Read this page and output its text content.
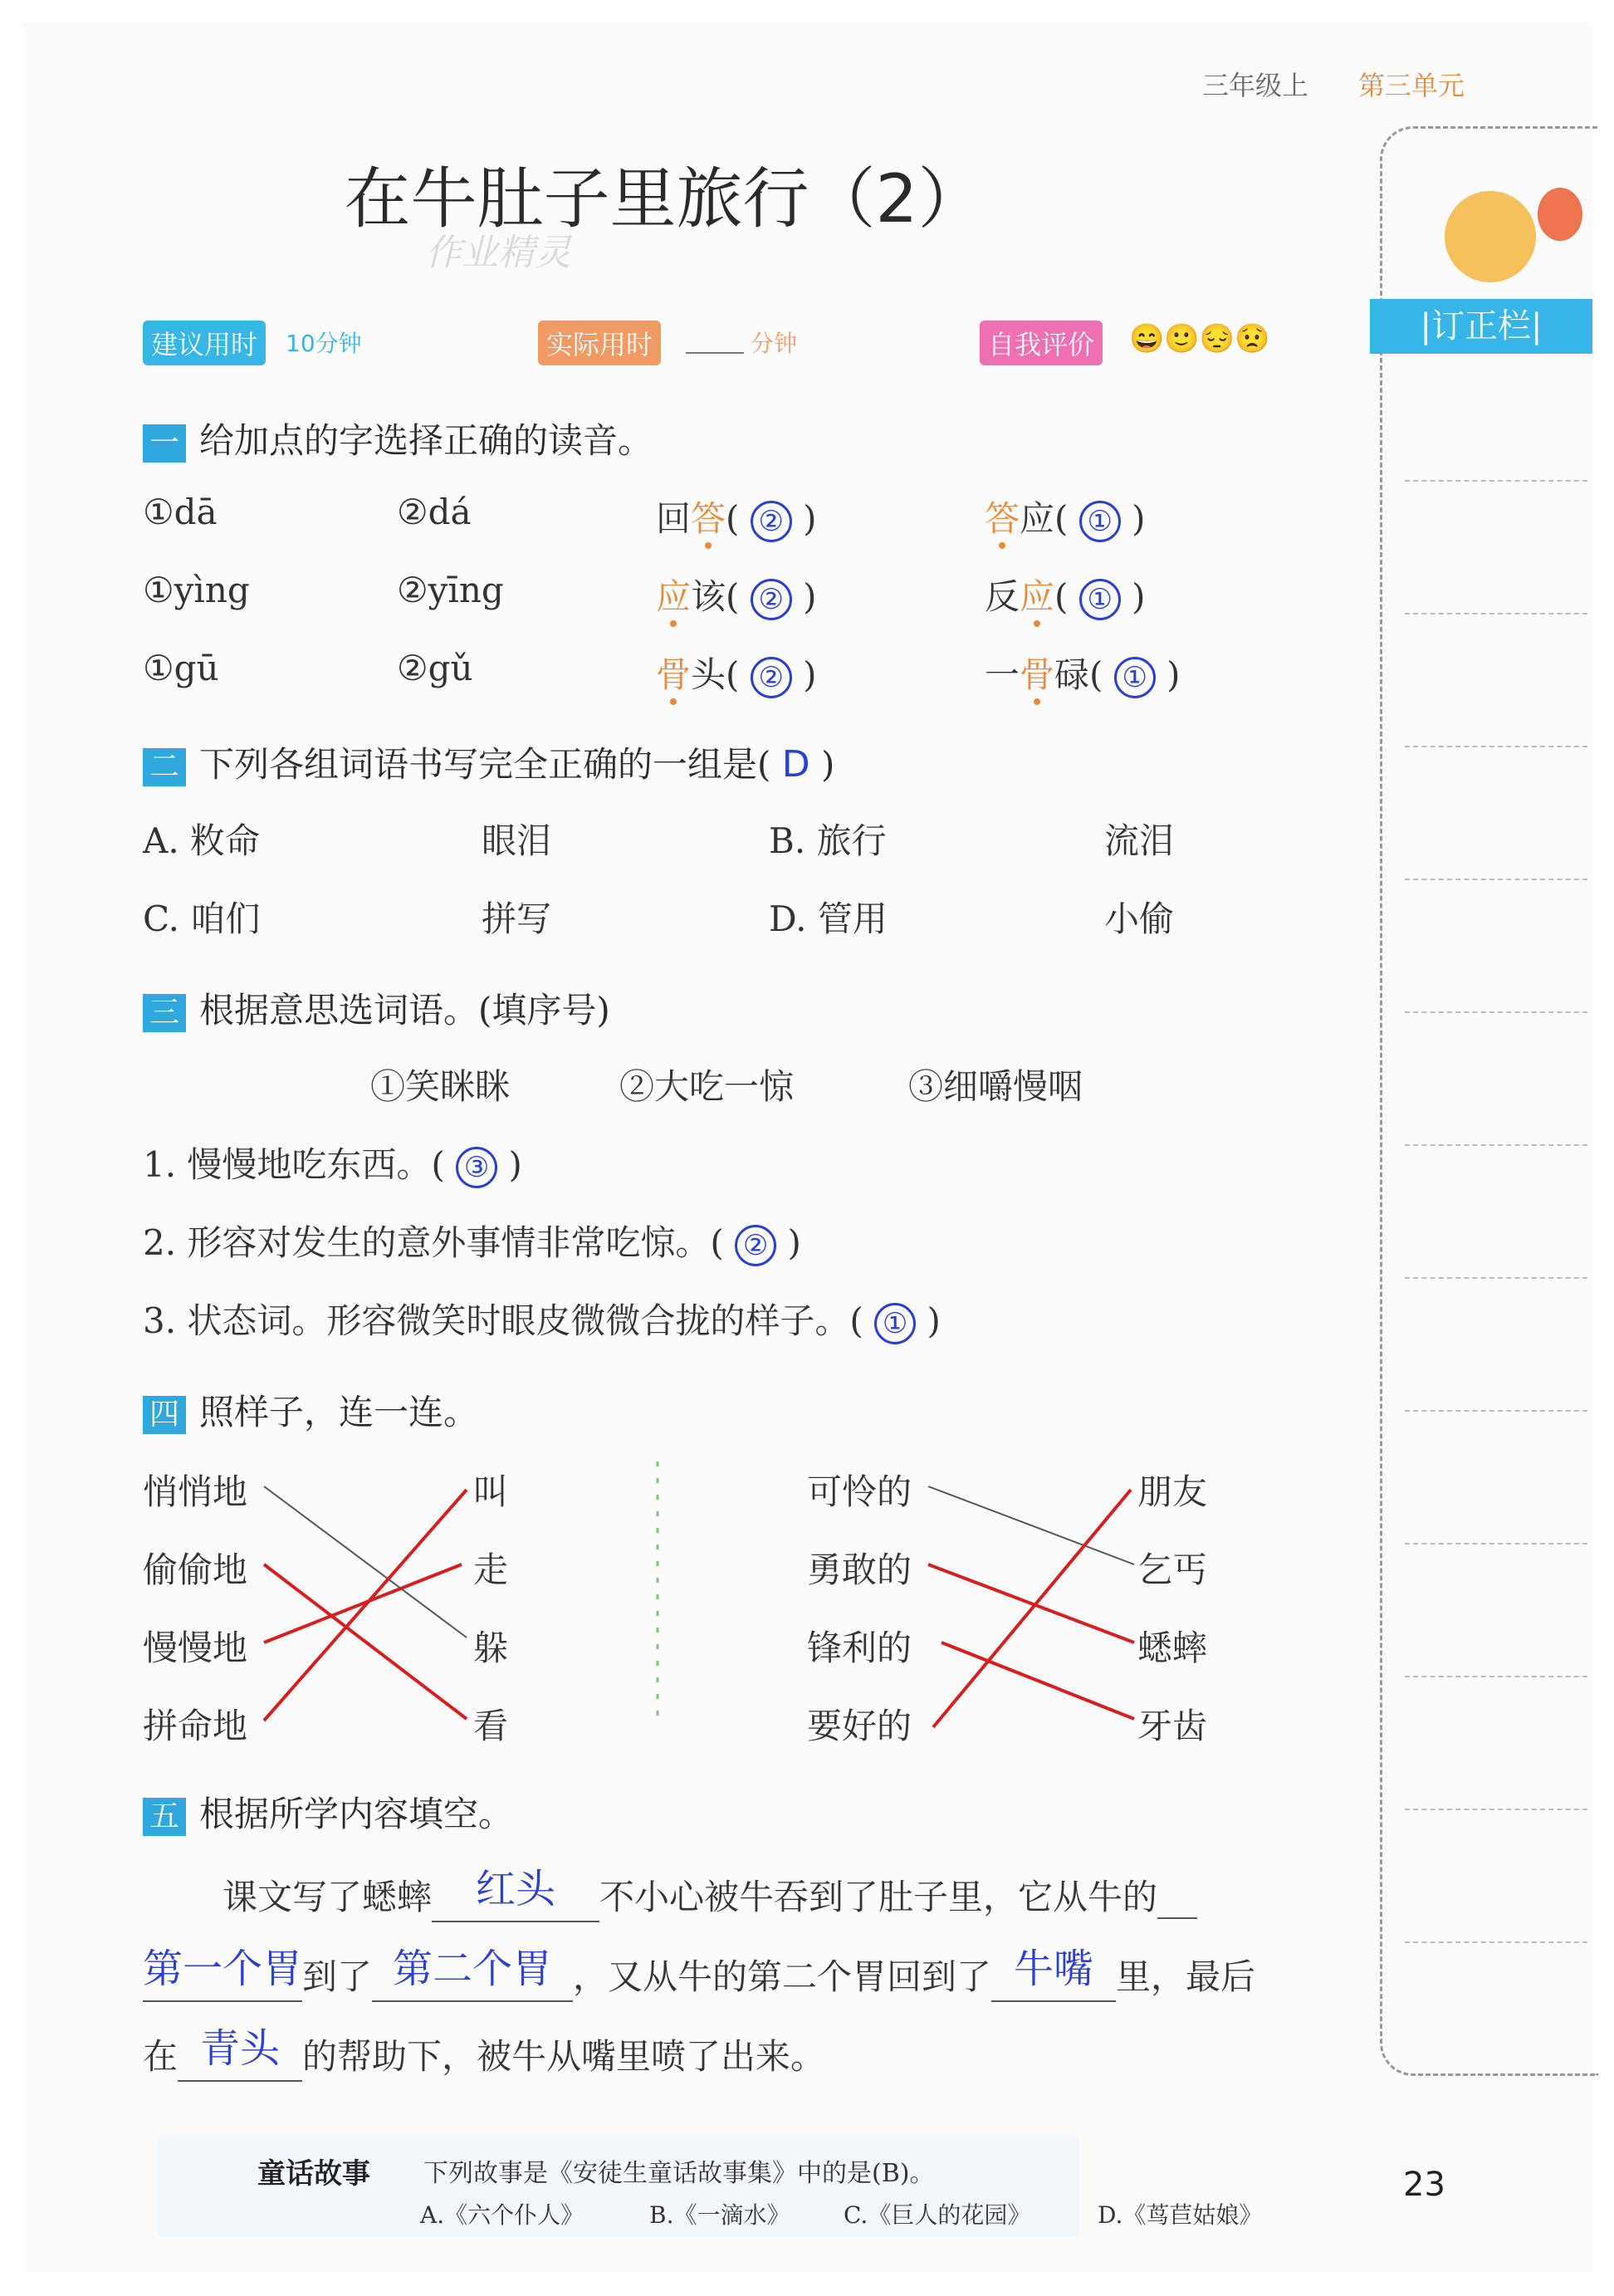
三年级上 第三单元
在牛肚子里旅行（2）
作业精灵
建议用时	10分钟	实际用时	分钟	自我评价 😄🙂😔😟	|订正栏|
一 给加点的字选择正确的读音。
①dā	②dá	回答( ② )	答应( ① )
①yìng	②yīng	应该( ② )	反应( ① )
①gū	②gǔ	骨头( ② )	一骨碌( ① )
二 下列各组词语书写完全正确的一组是( D )
A. 敉命	眼泪	B. 旅行	流泪
C. 咱们	拼写	D. 管用	小偷
三 根据意思选词语。(填序号)
①笑眯眯	②大吃一惊	③细嚼慢咽
1. 慢慢地吃东西。( ③ )
2. 形容对发生的意外事情非常吃惊。( ② )
3. 状态词。形容微笑时眼皮微微合拢的样子。( ① )
四 照样子，连一连。
悄悄地
偷偷地
慢慢地
拼命地
叫
走
躲
看
可怜的
勇敢的
锋利的
要好的
朋友
乞丐
蟋蟀
牙齿
五 根据所学内容填空。
课文写了蟋蟀 红头 不小心被牛吞到了肚子里，它从牛的
第一个胃到了 第二个胃 ，又从牛的第二个胃回到了 牛嘴 里，最后
在 青头 的帮助下，被牛从嘴里喷了出来。
童话故事 下列故事是《安徒生童话故事集》中的是(B)。
A.《六个仆人》	B.《一滴水》 C.《巨人的花园》	D.《茑苣姑娘》
23
